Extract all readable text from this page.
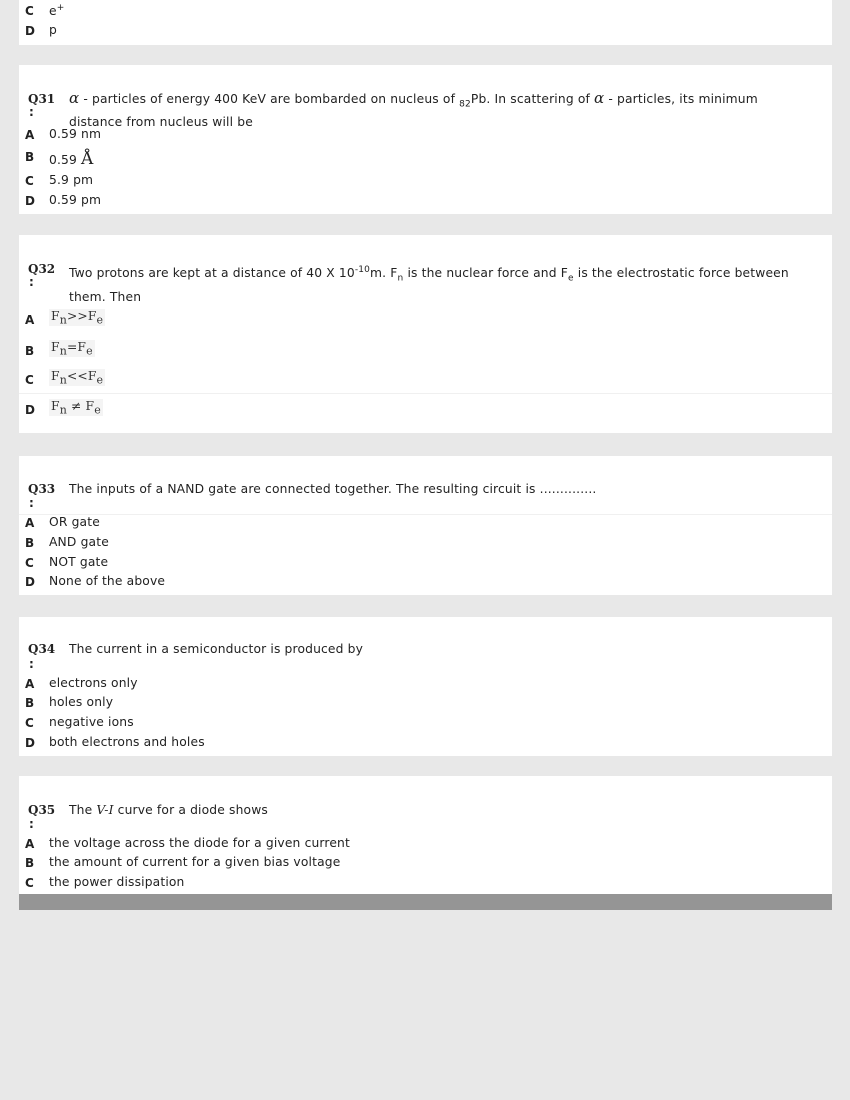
C e+
D p
Q31
:
α - particles of energy 400 KeV are bombarded on nucleus of $_{82}$Pb. In scattering of α - particles, its minimum distance from nucleus will be
A 0.59 nm
B 0.59 Å
C 5.9 pm
D 0.59 pm
Q32
:
Two protons are kept at a distance of 40 X $10^{-10}m$. $F_n$ is the nuclear force and $F_e$ is the electrostatic force between them. Then
A $F_n>>F_e$
B $F_n=F_e$
C $F_n<<F_e$
D $F_n \ne F_e$
Q33
:
The inputs of a NAND gate are connected together. The resulting circuit is ..............
A OR gate
B AND gate
C NOT gate
D None of the above
Q34
:
The current in a semiconductor is produced by
A electrons only
B holes only
C negative ions
D both electrons and holes
Q35
:
The V-I curve for a diode shows
A the voltage across the diode for a given current
B the amount of current for a given bias voltage
C the power dissipation
